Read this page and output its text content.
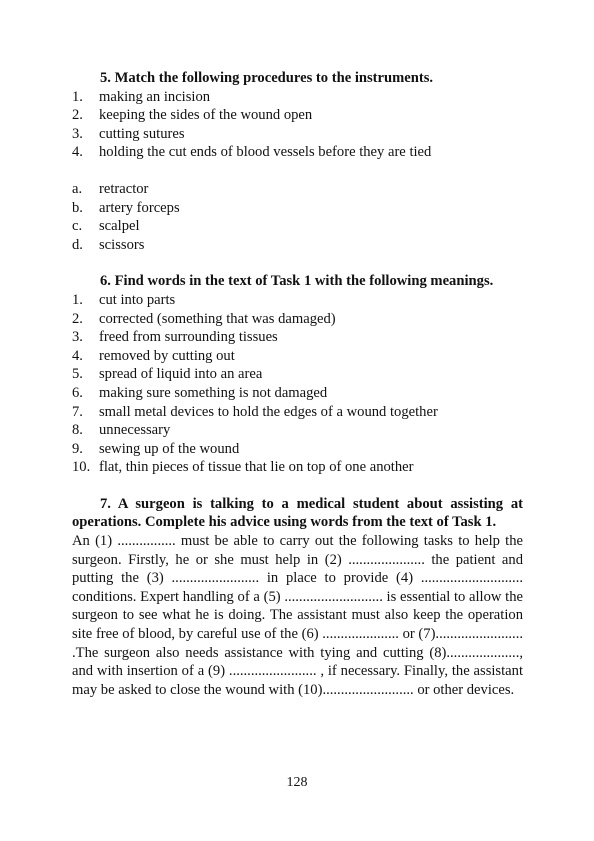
5. Match the following procedures to the instruments.

1.	making an incision
2.	keeping the sides of the wound open
3.	cutting sutures
4.	holding the cut ends of blood vessels before they are tied
a.	retractor
b.	artery forceps
c.	scalpel
d.	scissors

6. Find words in the text of Task 1 with the following meanings.

1.	cut into parts
2.	corrected (something that was damaged)
3.	freed from surrounding tissues
4.	removed by cutting out
5.	spread of liquid into an area
6.	making sure something is not damaged
7.	small metal devices to hold the edges of a wound together
8.	unnecessary
9.	sewing up of the wound
10. flat, thin pieces of tissue that lie on top of one another

7. A surgeon is talking to a medical student about assisting at operations. Complete his advice using words from the text of Task 1.

An (1) ................ must be able to carry out the following tasks to help the surgeon. Firstly, he or she must help in (2) ..................... the patient and putting the (3) ........................ in place to provide (4) ............................ conditions. Expert handling of a (5) ........................... is essential to allow the surgeon to see what he is doing. The assistant must also keep the operation site free of blood, by careful use of the (6) ..................... or (7)........................ .The surgeon also needs assistance with tying and cutting (8)...................., and with insertion of a (9) ........................ , if necessary. Finally, the assistant may be asked to close the wound with (10)......................... or other devices.

128
